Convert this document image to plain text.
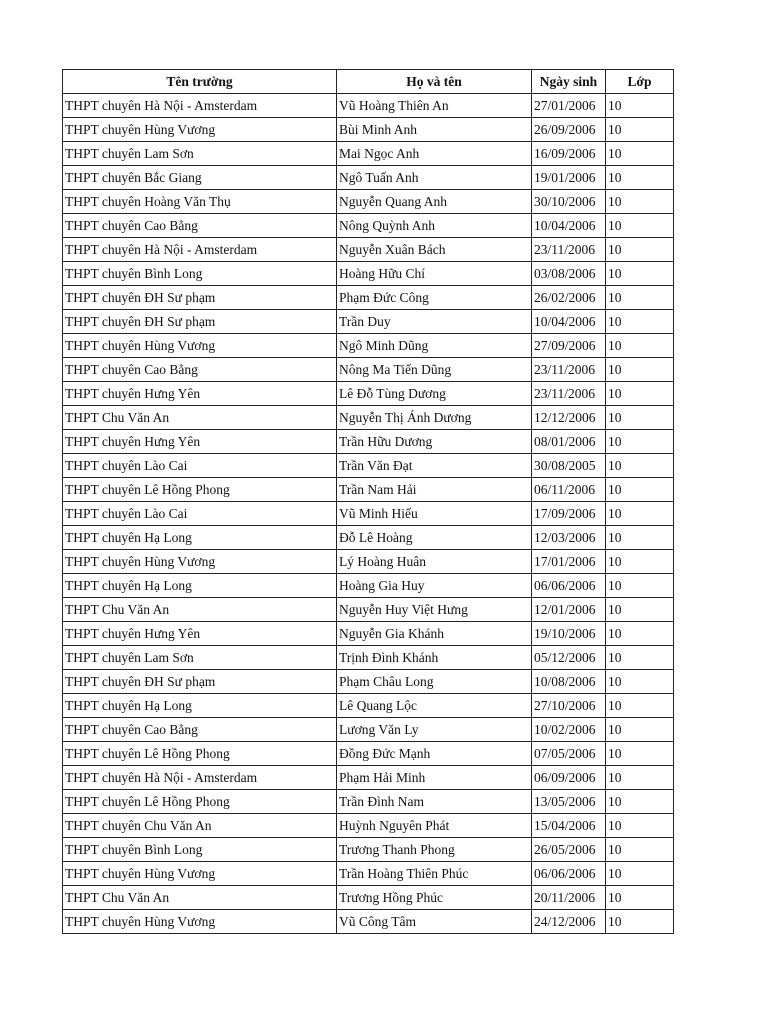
Tên trường	Họ và tên	Ngày sinh	Lớp
THPT chuyên Hà Nội - Amsterdam	Vũ Hoàng Thiên An	27/01/2006	10
THPT chuyên Hùng Vương	Bùi Minh Anh	26/09/2006	10
THPT chuyên Lam Sơn	Mai Ngọc Anh	16/09/2006	10
THPT chuyên Bắc Giang	Ngô Tuấn Anh	19/01/2006	10
THPT chuyên Hoàng Văn Thụ	Nguyễn Quang Anh	30/10/2006	10
THPT chuyên Cao Bằng	Nông Quỳnh Anh	10/04/2006	10
THPT chuyên Hà Nội - Amsterdam	Nguyễn Xuân Bách	23/11/2006	10
THPT chuyên Bình Long	Hoàng Hữu Chí	03/08/2006	10
THPT chuyên ĐH Sư phạm	Phạm Đức Công	26/02/2006	10
THPT chuyên ĐH Sư phạm	Trần Duy	10/04/2006	10
THPT chuyên Hùng Vương	Ngô Minh Dũng	27/09/2006	10
THPT chuyên Cao Bằng	Nông Ma Tiến Dũng	23/11/2006	10
THPT chuyên Hưng Yên	Lê Đỗ Tùng Dương	23/11/2006	10
THPT Chu Văn An	Nguyễn Thị Ánh Dương	12/12/2006	10
THPT chuyên Hưng Yên	Trần Hữu Dương	08/01/2006	10
THPT chuyên Lào Cai	Trần Văn Đạt	30/08/2005	10
THPT chuyên Lê Hồng Phong	Trần Nam Hải	06/11/2006	10
THPT chuyên Lào Cai	Vũ Minh Hiếu	17/09/2006	10
THPT chuyên Hạ Long	Đỗ Lê Hoàng	12/03/2006	10
THPT chuyên Hùng Vương	Lý Hoàng Huân	17/01/2006	10
THPT chuyên Hạ Long	Hoàng Gia Huy	06/06/2006	10
THPT Chu Văn An	Nguyễn Huy Việt Hưng	12/01/2006	10
THPT chuyên Hưng Yên	Nguyễn Gia Khánh	19/10/2006	10
THPT chuyên Lam Sơn	Trịnh Đình Khánh	05/12/2006	10
THPT chuyên ĐH Sư phạm	Phạm Châu Long	10/08/2006	10
THPT chuyên Hạ Long	Lê Quang Lộc	27/10/2006	10
THPT chuyên Cao Bằng	Lương Văn Ly	10/02/2006	10
THPT chuyên Lê Hồng Phong	Đồng Đức Mạnh	07/05/2006	10
THPT chuyên Hà Nội - Amsterdam	Phạm Hải Minh	06/09/2006	10
THPT chuyên Lê Hồng Phong	Trần Đình Nam	13/05/2006	10
THPT chuyên Chu Văn An	Huỳnh Nguyên Phát	15/04/2006	10
THPT chuyên Bình Long	Trương Thanh Phong	26/05/2006	10
THPT chuyên Hùng Vương	Trần Hoàng Thiên Phúc	06/06/2006	10
THPT Chu Văn An	Trương Hồng Phúc	20/11/2006	10
THPT chuyên Hùng Vương	Vũ Công Tâm	24/12/2006	10
